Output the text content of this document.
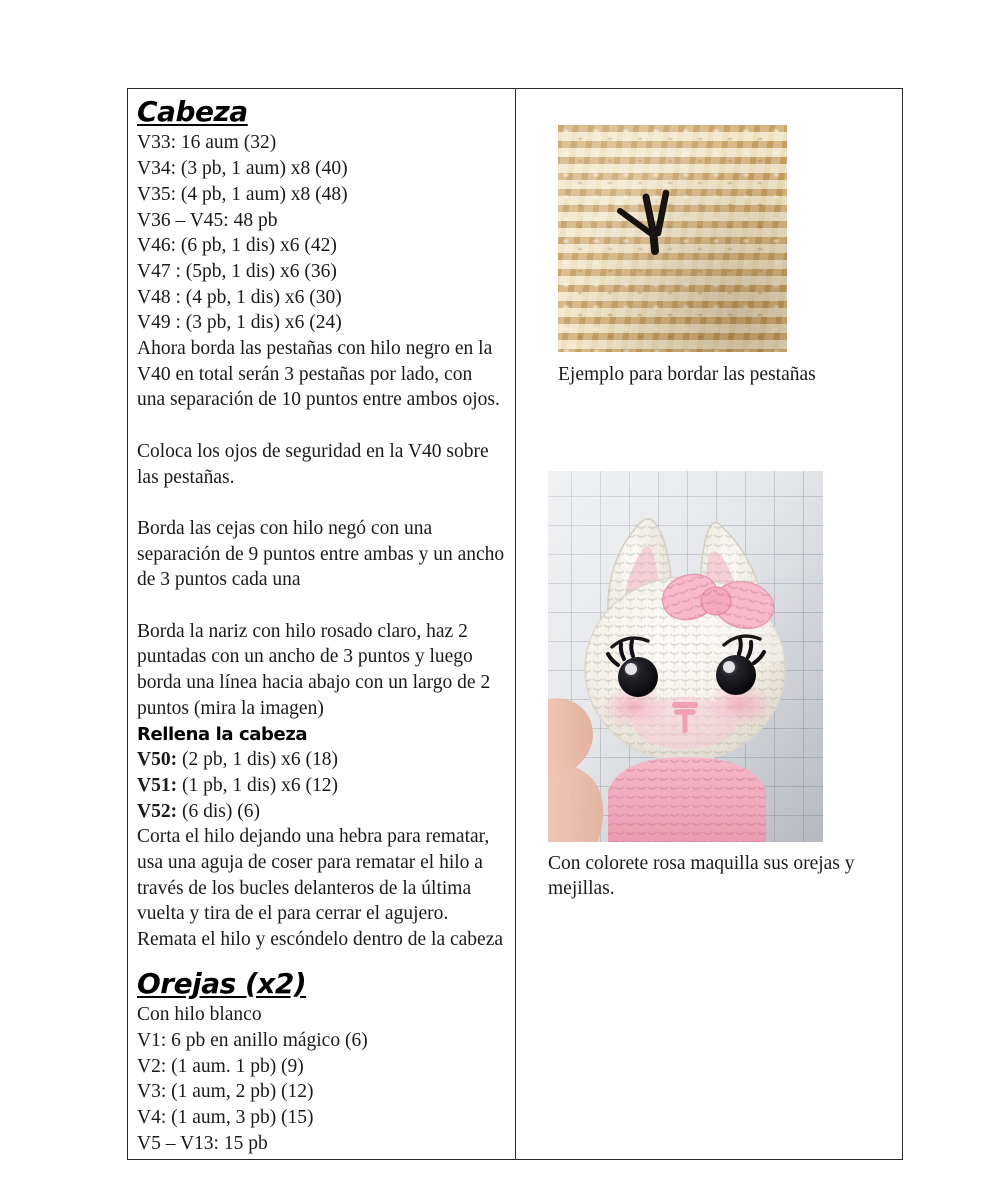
Cabeza
V33: 16 aum (32)
V34: (3 pb, 1 aum) x8 (40)
V35: (4 pb, 1 aum) x8 (48)
V36 – V45: 48 pb
V46: (6 pb, 1 dis) x6 (42)
V47 : (5pb, 1 dis) x6 (36)
V48 : (4 pb, 1 dis) x6 (30)
V49 : (3 pb, 1 dis) x6 (24)

Ahora borda las pestañas con hilo negro en la V40 en total serán 3 pestañas por lado, con una separación de 10 puntos entre ambos ojos.

Coloca los ojos de seguridad en la V40 sobre las pestañas.

Borda las cejas con hilo negó con una separación de 9 puntos entre ambas y un ancho de 3 puntos cada una

Borda la nariz con hilo rosado claro, haz 2 puntadas con un ancho de 3 puntos y luego borda una línea hacia abajo con un largo de 2 puntos (mira la imagen)

Rellena la cabeza
V50: (2 pb, 1 dis) x6 (18)
V51: (1 pb, 1 dis) x6 (12)
V52: (6 dis) (6)

Corta el hilo dejando una hebra para rematar, usa una aguja de coser para rematar el hilo a través de los bucles delanteros de la última vuelta y tira de el para cerrar el agujero. Remata el hilo y escóndelo dentro de la cabeza

Orejas (x2)
Con hilo blanco
V1: 6 pb en anillo mágico (6)
V2: (1 aum. 1 pb) (9)
V3: (1 aum, 2 pb) (12)
V4: (1 aum, 3 pb) (15)
V5 – V13: 15 pb
Ejemplo para bordar las pestañas
Con colorete rosa maquilla sus orejas y mejillas.
